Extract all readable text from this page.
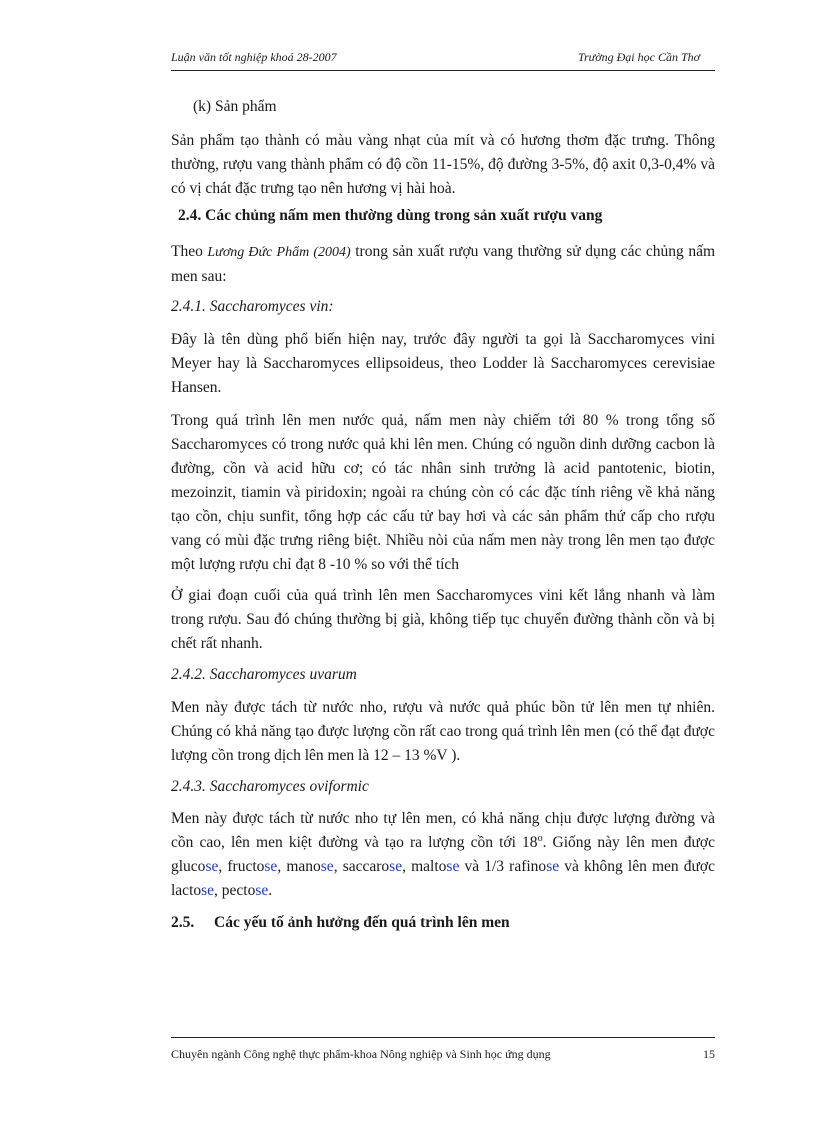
Luận văn tốt nghiệp khoá 28-2007	Trường Đại học Cần Thơ
(k) Sản phẩm

Sản phẩm tạo thành có màu vàng nhạt của mít và có hương thơm đặc trưng. Thông thường, rượu vang thành phẩm có độ cồn 11-15%, độ đường 3-5%, độ axit 0,3-0,4% và có vị chát đặc trưng tạo nên hương vị hài hoà.

2.4. Các chủng nấm men thường dùng trong sản xuất rượu vang

Theo Lương Đức Phẩm (2004) trong sản xuất rượu vang thường sử dụng các chủng nấm men sau:

2.4.1. Saccharomyces vin:

Đây là tên dùng phổ biến hiện nay, trước đây người ta gọi là Saccharomyces vini Meyer hay là Saccharomyces ellipsoideus, theo Lodder là Saccharomyces cerevisiae Hansen.

Trong quá trình lên men nước quả, nấm men này chiếm tới 80 % trong tổng số Saccharomyces có trong nước quả khi lên men. Chúng có nguồn dinh dưỡng cacbon là đường, cồn và acid hữu cơ; có tác nhân sinh trưởng là acid pantotenic, biotin, mezoinzit, tiamin và piridoxin; ngoài ra chúng còn có các đặc tính riêng về khả năng tạo cồn, chịu sunfit, tổng hợp các cấu tử bay hơi và các sản phẩm thứ cấp cho rượu vang có mùi đặc trưng riêng biệt. Nhiều nòi của nấm men này trong lên men tạo được một lượng rượu chỉ đạt 8 -10 % so với thể tích

Ở giai đoạn cuối của quá trình lên men Saccharomyces vini kết lắng nhanh và làm trong rượu. Sau đó chúng thường bị già, không tiếp tục chuyển đường thành cồn và bị chết rất nhanh.

2.4.2. Saccharomyces uvarum

Men này được tách từ nước nho, rượu và nước quả phúc bồn tử lên men tự nhiên. Chúng có khả năng tạo được lượng cồn rất cao trong quá trình lên men (có thể đạt được lượng cồn trong dịch lên men là 12 – 13 %V ).

2.4.3. Saccharomyces oviformic

Men này được tách từ nước nho tự lên men, có khả năng chịu được lượng đường và cồn cao, lên men kiệt đường và tạo ra lượng cồn tới 18$^o$. Giống này lên men được glucose, fructose, manose, saccarose, maltose và 1/3 rafinose và không lên men được lactose, pectose.

2.5. Các yếu tố ảnh hưởng đến quá trình lên men
Chuyên ngành Công nghệ thực phẩm-khoa Nông nghiệp và Sinh học ứng dụng	15
